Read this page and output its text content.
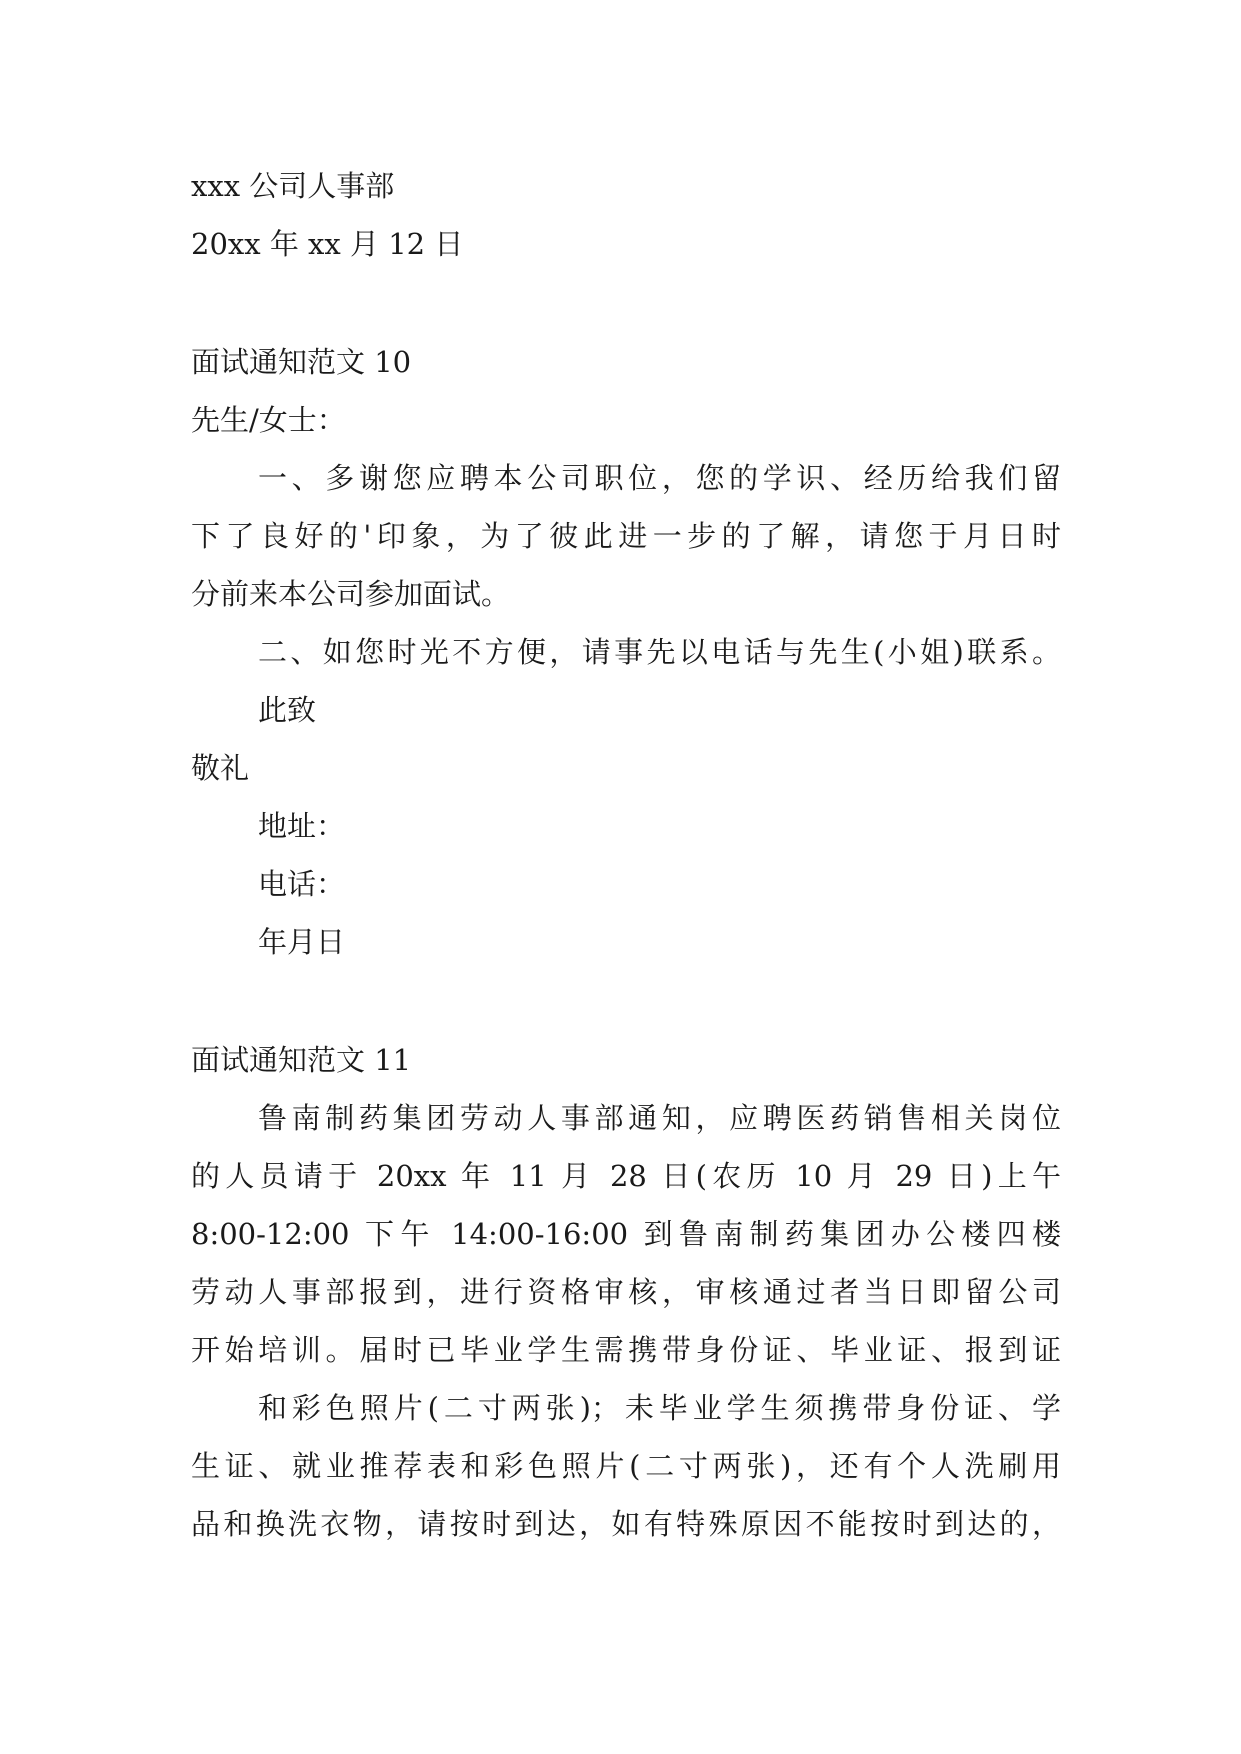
xxx 公司人事部

20xx 年 xx 月 12 日

面试通知范文 10

先生/女士：

一、多谢您应聘本公司职位，您的学识、经历给我们留

下了良好的'印象，为了彼此进一步的了解，请您于月日时

分前来本公司参加面试。

二、如您时光不方便，请事先以电话与先生(小姐)联系。

此致

敬礼

地址：

电话：

年月日

面试通知范文 11

鲁南制药集团劳动人事部通知，应聘医药销售相关岗位

的人员请于 20xx 年 11 月 28 日(农历 10 月 29 日)上午

8:00-12:00 下午 14:00-16:00 到鲁南制药集团办公楼四楼

劳动人事部报到，进行资格审核，审核通过者当日即留公司

开始培训。届时已毕业学生需携带身份证、毕业证、报到证

和彩色照片(二寸两张)；未毕业学生须携带身份证、学

生证、就业推荐表和彩色照片(二寸两张)，还有个人洗刷用

品和换洗衣物，请按时到达，如有特殊原因不能按时到达的，
